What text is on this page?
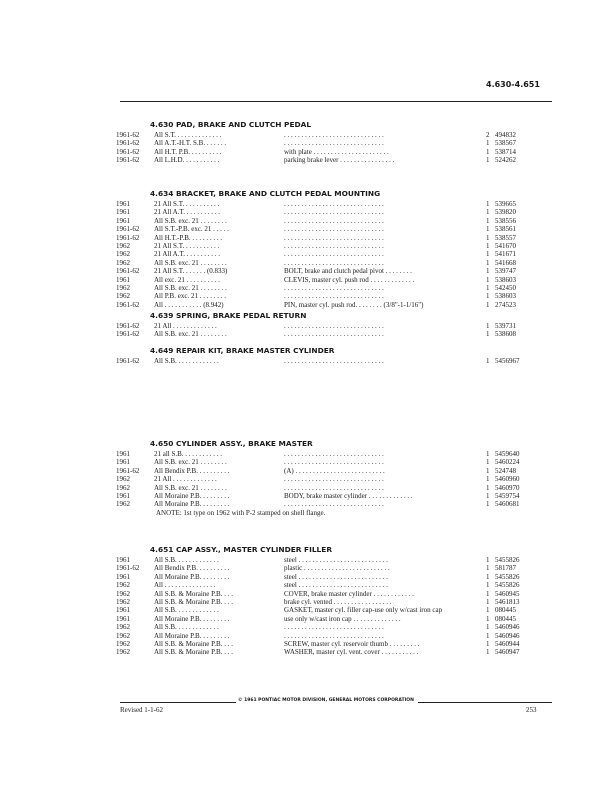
4.630-4.651
4.630 PAD, BRAKE AND CLUTCH PEDAL
1961-62 All S.T. . . . . . . . . . . . . .	. . . . . . . . . . . . . . . . . . . . . . . . . . . . .	2 494832
1961-62 All A.T.-H.T. S.B. . . . . . .	. . . . . . . . . . . . . . . . . . . . . . . . . . . . .	1 538567
1961-62 All H.T. P.B. . . . . . . . . .	with plate . . . . . . . . . . . . . . . . . . . . . .	1 538714
1961-62 All L.H.D. . . . . . . . . . .	parking brake lever . . . . . . . . . . . . . . . .	1 524262
4.634 BRACKET, BRAKE AND CLUTCH PEDAL MOUNTING
1961	21 All S.T. . . . . . . . . . .	. . . . . . . . . . . . . . . . . . . . . . . . . . . . .	1 539665
1961	21 All A.T. . . . . . . . . . .	. . . . . . . . . . . . . . . . . . . . . . . . . . . . .	1 539820
1961	All S.B. exc. 21 . . . . . . . .	. . . . . . . . . . . . . . . . . . . . . . . . . . . . .	1 538556
1961-62 All S.T.-P.B. exc. 21 . . . . .	. . . . . . . . . . . . . . . . . . . . . . . . . . . . .	1 538561
1961-62 All H.T.-P.B. . . . . . . . . .	. . . . . . . . . . . . . . . . . . . . . . . . . . . . .	1 538557
1962	21 All S.T. . . . . . . . . . .	. . . . . . . . . . . . . . . . . . . . . . . . . . . . .	1 541670
1962	21 All A.T. . . . . . . . . . .	. . . . . . . . . . . . . . . . . . . . . . . . . . . . .	1 541671
1962	All S.B. exc. 21 . . . . . . . .	. . . . . . . . . . . . . . . . . . . . . . . . . . . . .	1 541668
1961-62 21 All S.T. . . . . . . (0.833)	BOLT, brake and clutch pedal pivot . . . . . . . .	1 539747
1961	All exc. 21 . . . . . . . . . .	CLEVIS, master cyl. push rod . . . . . . . . . . . . .	1 538603
1962	All S.B. exc. 21 . . . . . . . .	. . . . . . . . . . . . . . . . . . . . . . . . . . . . .	1 542450
1962	All P.B. exc. 21 . . . . . . . .	. . . . . . . . . . . . . . . . . . . . . . . . . . . . .	1 538603
1961-62 All . . . . . . . . . . . (8.942)	PIN, master cyl. push rod. . . . . . . . (3/8"-1-1/16")	1 274523
4.639 SPRING, BRAKE PEDAL RETURN
1961-62 21 All . . . . . . . . . . . . .	. . . . . . . . . . . . . . . . . . . . . . . . . . . . .	1 539731
1961-62 All S.B. exc. 21 . . . . . . . .	. . . . . . . . . . . . . . . . . . . . . . . . . . . . .	1 538608
4.649 REPAIR KIT, BRAKE MASTER CYLINDER
1961-62 All S.B. . . . . . . . . . . . .	. . . . . . . . . . . . . . . . . . . . . . . . . . . . .	1 5456967
4.650 CYLINDER ASSY., BRAKE MASTER
1961	21 all S.B. . . . . . . . . . . .	. . . . . . . . . . . . . . . . . . . . . . . . . . . . .	1 5459640
1961	All S.B. exc. 21 . . . . . . . .	. . . . . . . . . . . . . . . . . . . . . . . . . . . . .	1 5460224
1961-62 All Bendix P.B. . . . . . . . . .	(A) . . . . . . . . . . . . . . . . . . . . . . . . . .	1 524748
1962	21 All . . . . . . . . . . . . .	. . . . . . . . . . . . . . . . . . . . . . . . . . . . .	1 5460960
1962	All S.B. exc. 21 . . . . . . . .	. . . . . . . . . . . . . . . . . . . . . . . . . . . . .	1 5460970
1961	All Moraine P.B. . . . . . . . .	BODY, brake master cylinder . . . . . . . . . . . . .	1 5459754
1962	All Moraine P.B. . . . . . . . .	. . . . . . . . . . . . . . . . . . . . . . . . . . . . .	1 5460681
ANOTE: 1st type on 1962 with P-2 stamped on shell flange.
4.651 CAP ASSY., MASTER CYLINDER FILLER
1961	All S.B. . . . . . . . . . . . .	steel . . . . . . . . . . . . . . . . . . . . . . . . . .	1 5455826
1961-62 All Bendix P.B. . . . . . . . . .	plastic . . . . . . . . . . . . . . . . . . . . . . . . .	1 581787
1961	All Moraine P.B. . . . . . . . .	steel . . . . . . . . . . . . . . . . . . . . . . . . . .	1 5455826
1962	All . . . . . . . . . . . . . . .	steel . . . . . . . . . . . . . . . . . . . . . . . . . .	1 5455826
1962	All S.B. & Moraine P.B. . . .	COVER, brake master cylinder . . . . . . . . . . . .	1 5460945
1962	All S.B. & Moraine P.B. . . .	brake cyl. vented . . . . . . . . . . . . . . . . .	1 5461813
1961	All S.B. . . . . . . . . . . . .	GASKET, master cyl. filler cap-use only w/cast iron cap	1 080445
1961	All Moraine P.B. . . . . . . . .	use only w/cast iron cap . . . . . . . . . . . . . .	1 080445
1962	All S.B. . . . . . . . . . . . .	. . . . . . . . . . . . . . . . . . . . . . . . . . . . .	1 5460946
1962	All Moraine P.B. . . . . . . . .	. . . . . . . . . . . . . . . . . . . . . . . . . . . . .	1 5460946
1962	All S.B. & Moraine P.B. . . .	SCREW, master cyl. reservoir thumb . . . . . . . . .	1 5460944
1962	All S.B. & Moraine P.B. . . .	WASHER, master cyl. vent. cover . . . . . . . . . . .	1 5460947
© 1961 PONTIAC MOTOR DIVISION, GENERAL MOTORS CORPORATION
Revised 1-1-62	253
